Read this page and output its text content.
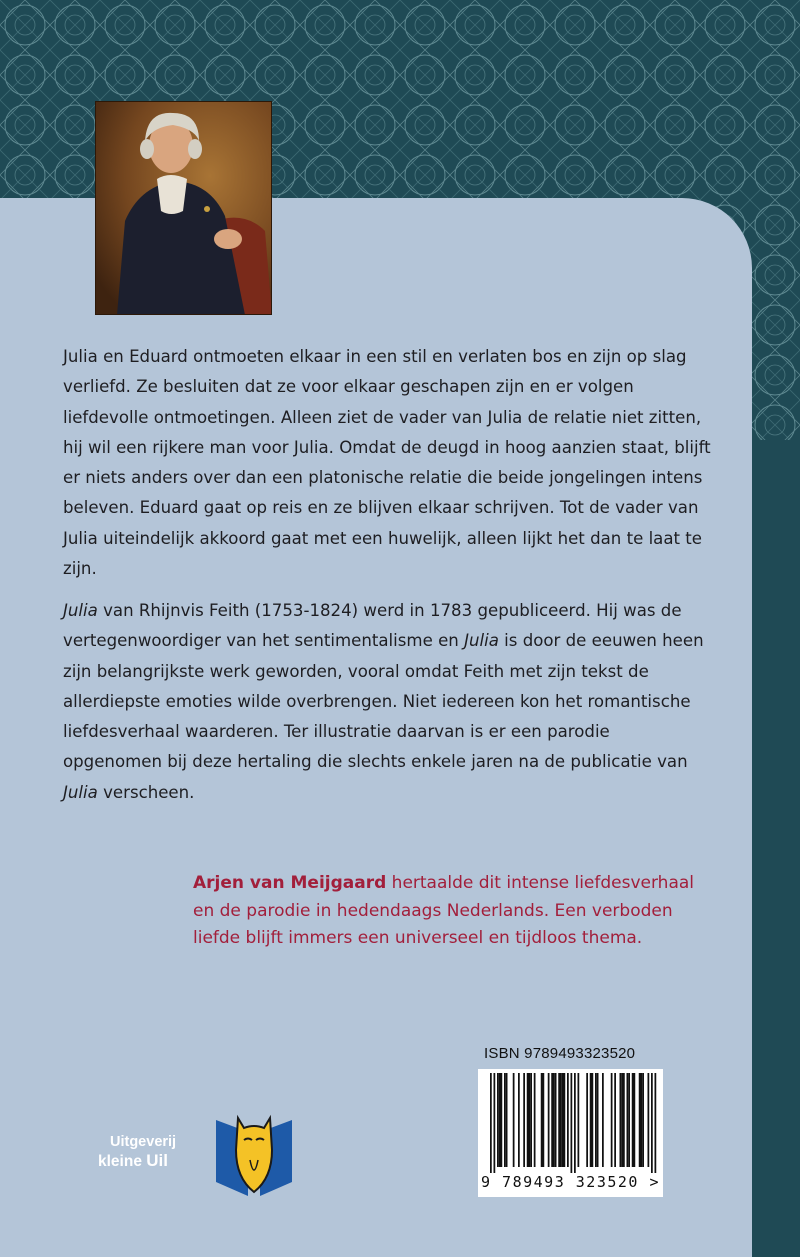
Julia en Eduard ontmoeten elkaar in een stil en verlaten bos en zijn op slag verliefd. Ze besluiten dat ze voor elkaar geschapen zijn en er volgen liefdevolle ontmoetingen. Alleen ziet de vader van Julia de relatie niet zitten, hij wil een rijkere man voor Julia. Omdat de deugd in hoog aanzien staat, blijft er niets anders over dan een platonische relatie die beide jongelingen intens beleven. Eduard gaat op reis en ze blijven elkaar schrijven. Tot de vader van Julia uiteindelijk akkoord gaat met een huwelijk, alleen lijkt het dan te laat te zijn.

Julia van Rhijnvis Feith (1753-1824) werd in 1783 gepubliceerd. Hij was de vertegenwoordiger van het sentimentalisme en Julia is door de eeuwen heen zijn belangrijkste werk geworden, vooral omdat Feith met zijn tekst de allerdiepste emoties wilde overbrengen. Niet iedereen kon het romantische liefdesverhaal waarderen. Ter illustratie daarvan is er een parodie opgenomen bij deze hertaling die slechts enkele jaren na de publicatie van Julia verscheen.

Arjen van Meijgaard hertaalde dit intense liefdesverhaal en de parodie in hedendaags Nederlands. Een verboden liefde blijft immers een universeel en tijdloos thema.

ISBN 9789493323520
9 789493 323520 >
Uitgeverij
kleine Uil
